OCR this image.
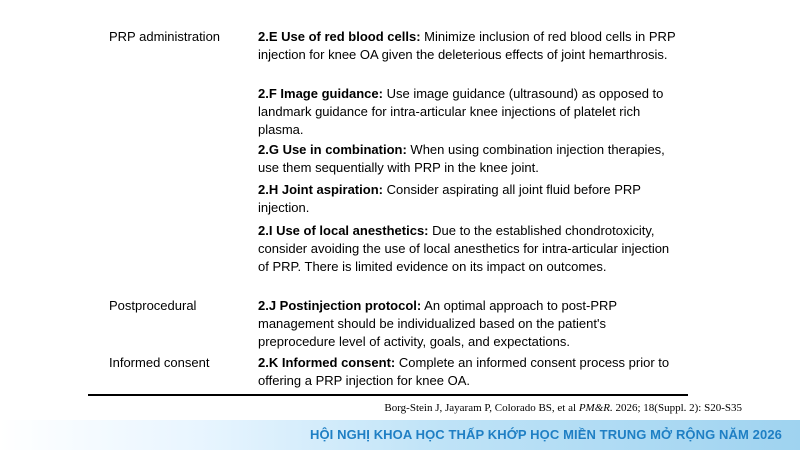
PRP administration	2.E Use of red blood cells: Minimize inclusion of red blood cells in PRP injection for knee OA given the deleterious effects of joint hemarthrosis.

2.F Image guidance: Use image guidance (ultrasound) as opposed to landmark guidance for intra-articular knee injections of platelet rich plasma.

2.G Use in combination: When using combination injection therapies, use them sequentially with PRP in the knee joint.

2.H Joint aspiration: Consider aspirating all joint fluid before PRP injection.

2.I Use of local anesthetics: Due to the established chondrotoxicity, consider avoiding the use of local anesthetics for intra-articular injection of PRP. There is limited evidence on its impact on outcomes.

Postprocedural	2.J Postinjection protocol: An optimal approach to post-PRP management should be individualized based on the patient's preprocedure level of activity, goals, and expectations.

Informed consent	2.K Informed consent: Complete an informed consent process prior to offering a PRP injection for knee OA.

Borg-Stein J, Jayaram P, Colorado BS, et al PM&R. 2026; 18(Suppl. 2): S20-S35
HỘI NGHỊ KHOA HỌC THẤP KHỚP HỌC MIỀN TRUNG MỞ RỘNG NĂM 2026
